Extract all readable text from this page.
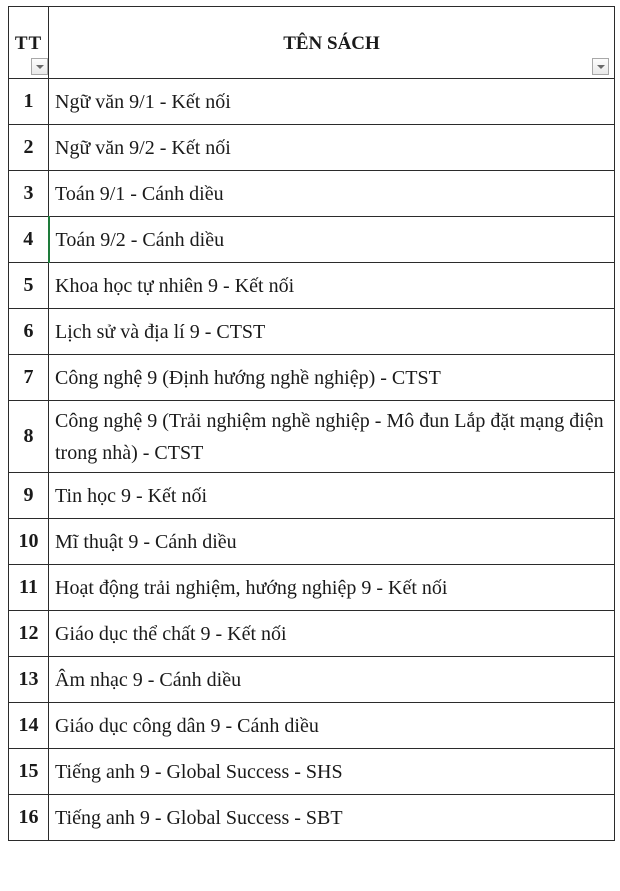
TT	TÊN SÁCH

1	Ngữ văn 9/1 - Kết nối
2	Ngữ văn 9/2 - Kết nối
3	Toán 9/1 - Cánh diều
4	Toán 9/2 - Cánh diều
5	Khoa học tự nhiên 9 - Kết nối
6	Lịch sử và địa lí 9 - CTST
7	Công nghệ 9 (Định hướng nghề nghiệp) - CTST
8	Công nghệ 9 (Trải nghiệm nghề nghiệp - Mô đun Lắp đặt mạng điện trong nhà) - CTST
9	Tin học 9 - Kết nối
10	Mĩ thuật 9 - Cánh diều
11	Hoạt động trải nghiệm, hướng nghiệp 9 - Kết nối
12	Giáo dục thể chất 9 - Kết nối
13	Âm nhạc 9 - Cánh diều
14	Giáo dục công dân 9 - Cánh diều
15	Tiếng anh 9 - Global Success - SHS
16	Tiếng anh 9 - Global Success - SBT
